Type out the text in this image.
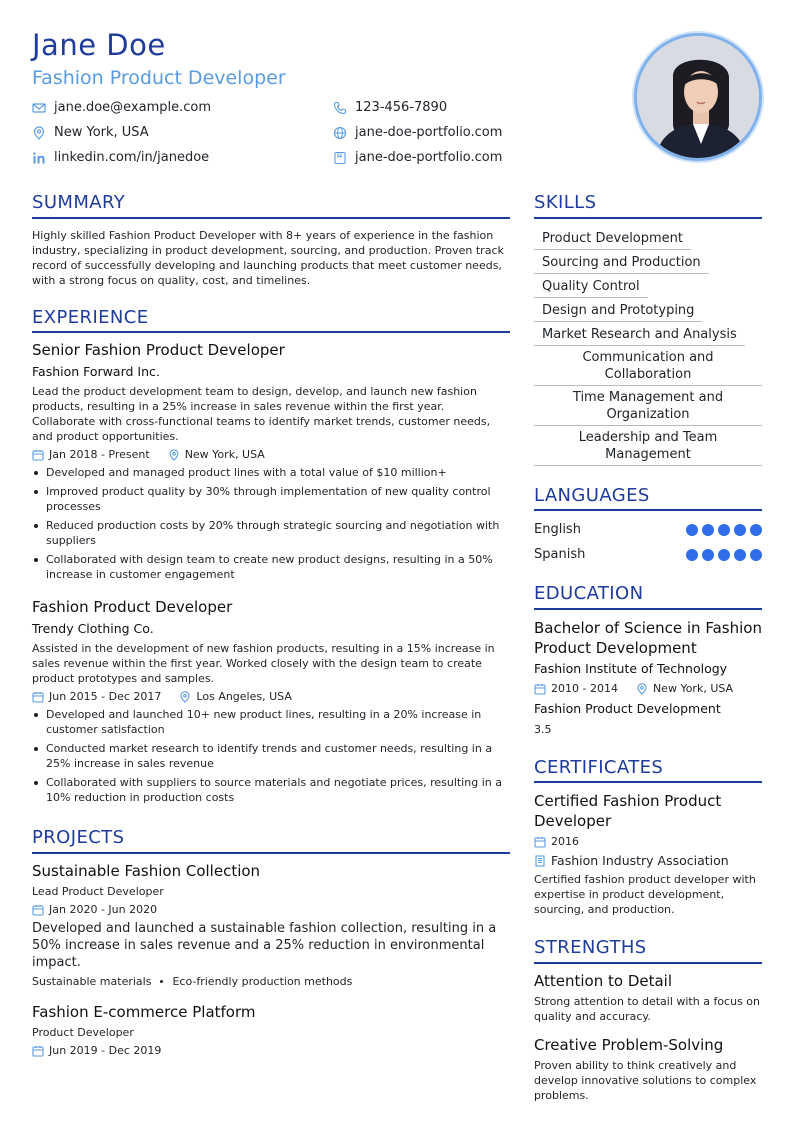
Jane Doe
Fashion Product Developer
jane.doe@example.com	123-456-7890
New York, USA	jane-doe-portfolio.com
linkedin.com/in/janedoe	jane-doe-portfolio.com
SUMMARY
Highly skilled Fashion Product Developer with 8+ years of experience in the fashion industry, specializing in product development, sourcing, and production. Proven track record of successfully developing and launching products that meet customer needs, with a strong focus on quality, cost, and timelines.
EXPERIENCE
Senior Fashion Product Developer
Fashion Forward Inc.
Lead the product development team to design, develop, and launch new fashion products, resulting in a 25% increase in sales revenue within the first year. Collaborate with cross-functional teams to identify market trends, customer needs, and product opportunities.
Jan 2018 - Present	New York, USA
Developed and managed product lines with a total value of $10 million+
Improved product quality by 30% through implementation of new quality control processes
Reduced production costs by 20% through strategic sourcing and negotiation with suppliers
Collaborated with design team to create new product designs, resulting in a 50% increase in customer engagement
Fashion Product Developer
Trendy Clothing Co.
Assisted in the development of new fashion products, resulting in a 15% increase in sales revenue within the first year. Worked closely with the design team to create product prototypes and samples.
Jun 2015 - Dec 2017	Los Angeles, USA
Developed and launched 10+ new product lines, resulting in a 20% increase in customer satisfaction
Conducted market research to identify trends and customer needs, resulting in a 25% increase in sales revenue
Collaborated with suppliers to source materials and negotiate prices, resulting in a 10% reduction in production costs
PROJECTS
Sustainable Fashion Collection
Lead Product Developer
Jan 2020 - Jun 2020
Developed and launched a sustainable fashion collection, resulting in a 50% increase in sales revenue and a 25% reduction in environmental impact.
Sustainable materials Eco-friendly production methods
Fashion E-commerce Platform
Product Developer
Jun 2019 - Dec 2019
SKILLS
Product Development
Sourcing and Production
Quality Control
Design and Prototyping
Market Research and Analysis
Communication and Collaboration
Time Management and Organization
Leadership and Team Management
LANGUAGES
English
Spanish
EDUCATION
Bachelor of Science in Fashion Product Development
Fashion Institute of Technology
2010 - 2014	New York, USA
Fashion Product Development
3.5
CERTIFICATES
Certified Fashion Product Developer
2016
Fashion Industry Association
Certified fashion product developer with expertise in product development, sourcing, and production.
STRENGTHS
Attention to Detail
Strong attention to detail with a focus on quality and accuracy.
Creative Problem-Solving
Proven ability to think creatively and develop innovative solutions to complex problems.
